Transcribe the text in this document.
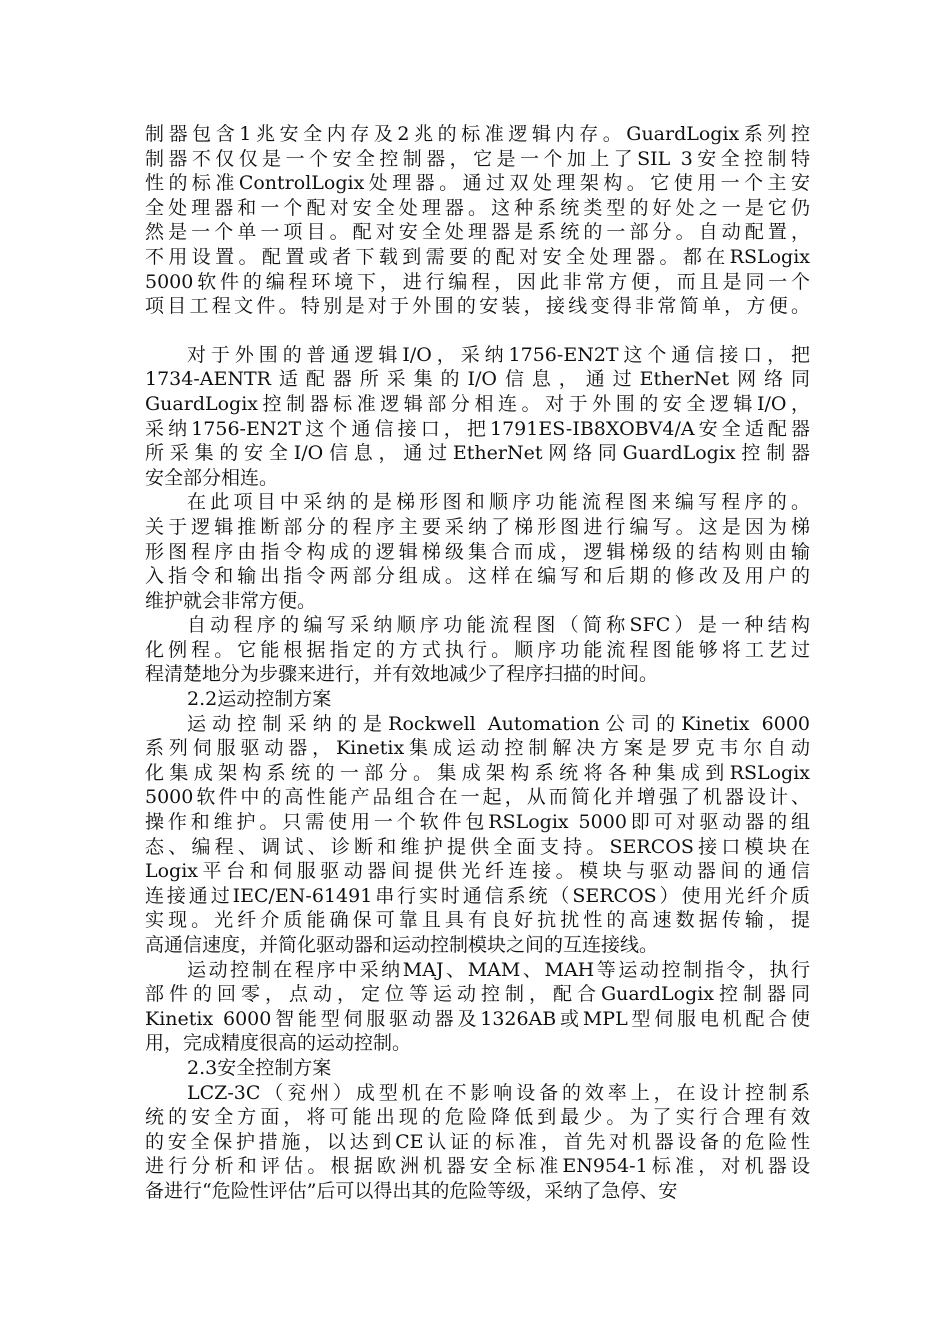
制器包含1兆安全内存及2兆的标准逻辑内存。GuardLogix系列控
制器不仅仅是一个安全控制器，它是一个加上了SIL 3安全控制特
性的标准ControlLogix处理器。通过双处理架构。它使用一个主安
全处理器和一个配对安全处理器。这种系统类型的好处之一是它仍
然是一个单一项目。配对安全处理器是系统的一部分。自动配置，
不用设置。配置或者下载到需要的配对安全处理器。都在RSLogix
5000软件的编程环境下，进行编程，因此非常方便，而且是同一个
项目工程文件。特别是对于外围的安装，接线变得非常简单，方便。
对于外围的普通逻辑I/O，采纳1756-EN2T这个通信接口，把
1734-AENTR适配器所采集的I/O信息，通过EtherNet网络同
GuardLogix控制器标准逻辑部分相连。对于外围的安全逻辑I/O，
采纳1756-EN2T这个通信接口，把1791ES-IB8XOBV4/A安全适配器
所采集的安全I/O信息，通过EtherNet网络同GuardLogix控制器
安全部分相连。
在此项目中采纳的是梯形图和顺序功能流程图来编写程序的。
关于逻辑推断部分的程序主要采纳了梯形图进行编写。这是因为梯
形图程序由指令构成的逻辑梯级集合而成，逻辑梯级的结构则由输
入指令和输出指令两部分组成。这样在编写和后期的修改及用户的
维护就会非常方便。
自动程序的编写采纳顺序功能流程图（简称SFC）是一种结构
化例程。它能根据指定的方式执行。顺序功能流程图能够将工艺过
程清楚地分为步骤来进行，并有效地减少了程序扫描的时间。
2.2运动控制方案
运动控制采纳的是Rockwell Automation公司的Kinetix 6000
系列伺服驱动器，Kinetix集成运动控制解决方案是罗克韦尔自动
化集成架构系统的一部分。集成架构系统将各种集成到RSLogix
5000软件中的高性能产品组合在一起，从而简化并增强了机器设计、
操作和维护。只需使用一个软件包RSLogix 5000即可对驱动器的组
态、编程、调试、诊断和维护提供全面支持。SERCOS接口模块在
Logix平台和伺服驱动器间提供光纤连接。模块与驱动器间的通信
连接通过IEC/EN-61491串行实时通信系统（SERCOS）使用光纤介质
实现。光纤介质能确保可靠且具有良好抗扰性的高速数据传输，提
高通信速度，并简化驱动器和运动控制模块之间的互连接线。
运动控制在程序中采纳MAJ、MAM、MAH等运动控制指令，执行
部件的回零，点动，定位等运动控制，配合GuardLogix控制器同
Kinetix 6000智能型伺服驱动器及1326AB或MPL型伺服电机配合使
用，完成精度很高的运动控制。
2.3安全控制方案
LCZ-3C（兖州）成型机在不影响设备的效率上，在设计控制系
统的安全方面，将可能出现的危险降低到最少。为了实行合理有效
的安全保护措施，以达到CE认证的标准，首先对机器设备的危险性
进行分析和评估。根据欧洲机器安全标准EN954-1标准，对机器设
备进行“危险性评估”后可以得出其的危险等级，采纳了急停、安
